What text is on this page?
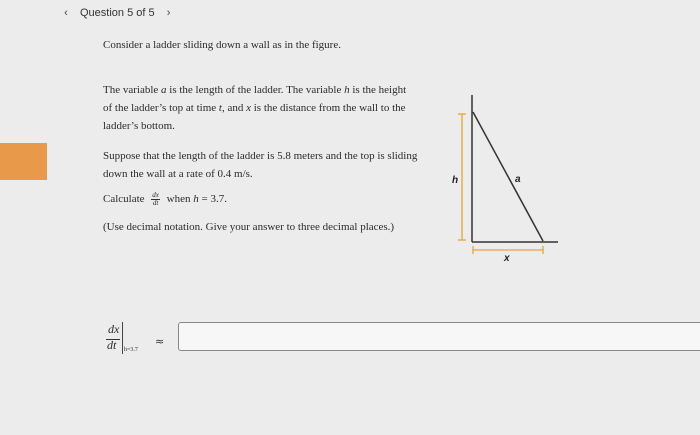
‹	Question 5 of 5	›
Consider a ladder sliding down a wall as in the figure.
The variable a is the length of the ladder. The variable h is the height of the ladder’s top at time t, and x is the distance from the wall to the ladder’s bottom.
Suppose that the length of the ladder is 5.8 meters and the top is sliding down the wall at a rate of 0.4 m/s.
Calculate $\frac{dx}{dt}$ when h = 3.7.
(Use decimal notation. Give your answer to three decimal places.)
h	a
x
dx
dt h=3.7
≈
